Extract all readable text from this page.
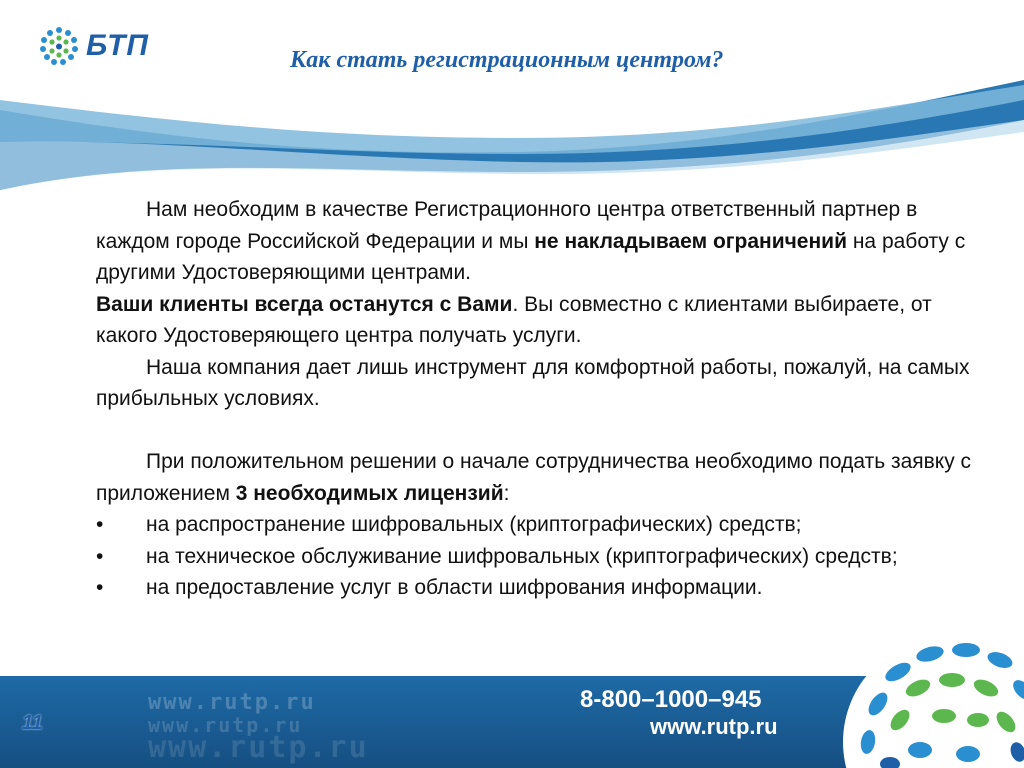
БТП	Как стать регистрационным центром?

Нам необходим в качестве Регистрационного центра ответственный партнер в каждом городе Российской Федерации и мы не накладываем ограничений на работу с другими Удостоверяющими центрами.

Ваши клиенты всегда останутся с Вами. Вы совместно с клиентами выбираете, от какого Удостоверяющего центра получать услуги.

Наша компания дает лишь инструмент для комфортной работы, пожалуй, на самых прибыльных условиях.

При положительном решении о начале сотрудничества необходимо подать заявку с приложением 3 необходимых лицензий:

• на распространение шифровальных (криптографических) средств;

• на техническое обслуживание шифровальных (криптографических) средств;

• на предоставление услуг в области шифрования информации.

11
www.rutp.ru
www.rutp.ru
www.rutp.ru
8-800–1000–945
www.rutp.ru
